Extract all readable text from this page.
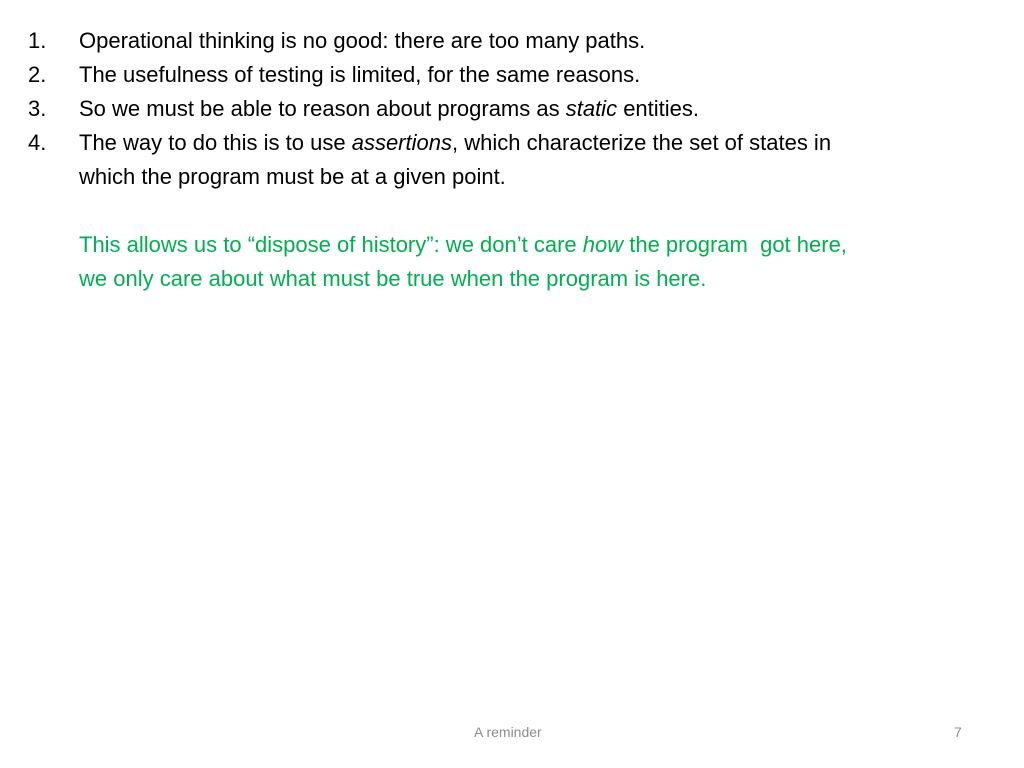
1.	Operational thinking is no good: there are too many paths.
2.	The usefulness of testing is limited, for the same reasons.
3.	So we must be able to reason about programs as static entities.
4.	The way to do this is to use assertions, which characterize the set of states in
which the program must be at a given point.
This allows us to “dispose of history”: we don’t care how the program  got here,
we only care about what must be true when the program is here.
A reminder	7
